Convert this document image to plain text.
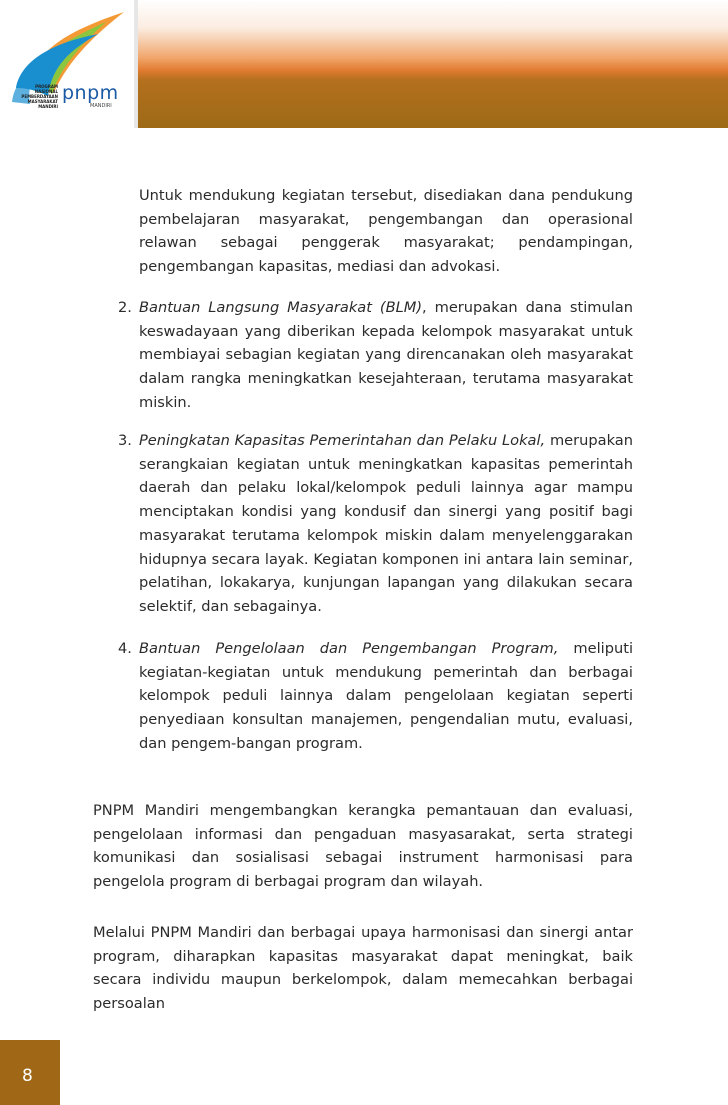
PROGRAM
NASIONAL
PEMBERDAYAAN
MASYARAKAT
MANDIRI
pnpm
MANDIRI

Untuk mendukung kegiatan tersebut, disediakan dana pendukung pembelajaran masyarakat, pengembangan dan operasional relawan sebagai penggerak masyarakat; pendampingan, pengembangan kapasitas, mediasi dan advokasi.

2. Bantuan Langsung Masyarakat (BLM), merupakan dana stimulan keswadayaan yang diberikan kepada kelompok masyarakat untuk membiayai sebagian kegiatan yang direncanakan oleh masyarakat dalam rangka meningkatkan kesejahteraan, terutama masyarakat miskin.

3. Peningkatan Kapasitas Pemerintahan dan Pelaku Lokal, merupakan serangkaian kegiatan untuk meningkatkan kapasitas pemerintah daerah dan pelaku lokal/kelompok peduli lainnya agar mampu menciptakan kondisi yang kondusif dan sinergi yang positif bagi masyarakat terutama kelompok miskin dalam menyelenggarakan hidupnya secara layak. Kegiatan komponen ini antara lain seminar, pelatihan, lokakarya, kunjungan lapangan yang dilakukan secara selektif, dan sebagainya.

4. Bantuan Pengelolaan dan Pengembangan Program, meliputi kegiatan-kegiatan untuk mendukung pemerintah dan berbagai kelompok peduli lainnya dalam pengelolaan kegiatan seperti penyediaan konsultan manajemen, pengendalian mutu, evaluasi, dan pengem-bangan program.

PNPM Mandiri mengembangkan kerangka pemantauan dan evaluasi, pengelolaan informasi dan pengaduan masyasarakat, serta strategi komunikasi dan sosialisasi sebagai instrument harmonisasi para pengelola program di berbagai program dan wilayah.

Melalui PNPM Mandiri dan berbagai upaya harmonisasi dan sinergi antar program, diharapkan kapasitas masyarakat dapat meningkat, baik secara individu maupun berkelompok, dalam memecahkan berbagai persoalan

8
